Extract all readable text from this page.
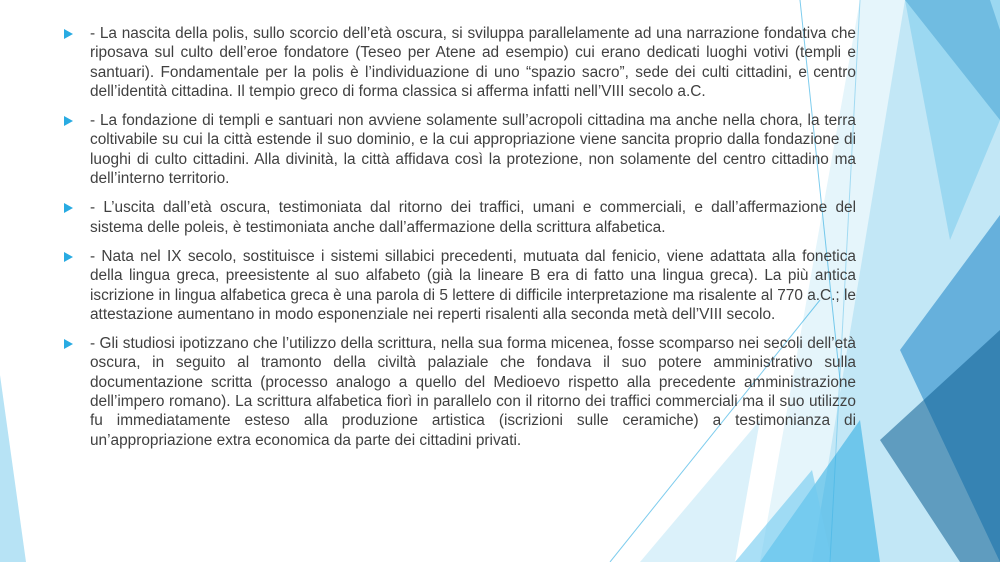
- La nascita della polis, sullo scorcio dell’età oscura, si sviluppa parallelamente ad una narrazione fondativa che riposava sul culto dell’eroe fondatore (Teseo per Atene ad esempio) cui erano dedicati luoghi votivi (templi e santuari). Fondamentale per la polis è l’individuazione di uno “spazio sacro”, sede dei culti cittadini, e centro dell’identità cittadina. Il tempio greco di forma classica si afferma infatti nell’VIII secolo a.C.
- La fondazione di templi e santuari non avviene solamente sull’acropoli cittadina ma anche nella chora, la terra coltivabile su cui la città estende il suo dominio, e la cui appropriazione viene sancita proprio dalla fondazione di luoghi di culto cittadini. Alla divinità, la città affidava così la protezione, non solamente del centro cittadino ma dell’interno territorio.
- L’uscita dall’età oscura, testimoniata dal ritorno dei traffici, umani e commerciali, e dall’affermazione del sistema delle poleis, è testimoniata anche dall’affermazione della scrittura alfabetica.
- Nata nel IX secolo, sostituisce i sistemi sillabici precedenti, mutuata dal fenicio, viene adattata alla fonetica della lingua greca, preesistente al suo alfabeto (già la lineare B era di fatto una lingua greca). La più antica iscrizione in lingua alfabetica greca è una parola di 5 lettere di difficile interpretazione ma risalente al 770 a.C.; le attestazione aumentano in modo esponenziale nei reperti risalenti alla seconda metà dell’VIII secolo.
- Gli studiosi ipotizzano che l’utilizzo della scrittura, nella sua forma micenea, fosse scomparso nei secoli dell’età oscura, in seguito al tramonto della civiltà palaziale che fondava il suo potere amministrativo sulla documentazione scritta (processo analogo a quello del Medioevo rispetto alla precedente amministrazione dell’impero romano). La scrittura alfabetica fiorì in parallelo con il ritorno dei traffici commerciali ma il suo utilizzo fu immediatamente esteso alla produzione artistica (iscrizioni sulle ceramiche) a testimonianza di un’appropriazione extra economica da parte dei cittadini privati.
